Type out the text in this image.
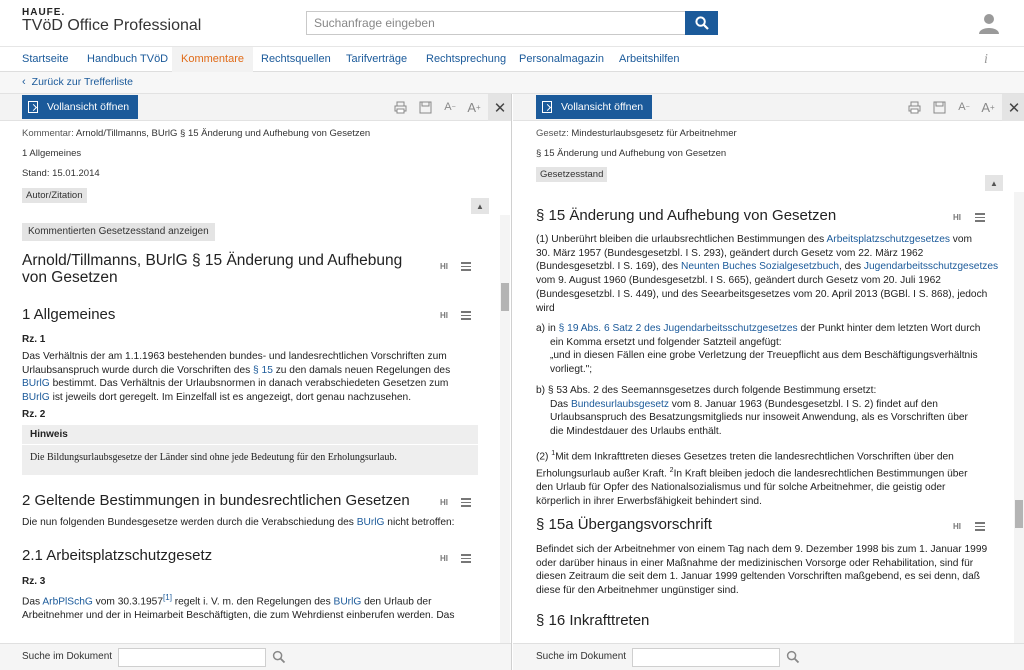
HAUFE.
TVöD Office Professional
Suchanfrage eingeben
Startseite	Handbuch TVöD	Kommentare	Rechtsquellen	Tarifverträge	Rechtsprechung	Personalmagazin	Arbeitshilfen	i
‹ Zurück zur Trefferliste
Vollansicht öffnen	A − A + ✕
Kommentar: Arnold/Tillmanns, BUrlG § 15 Änderung und Aufhebung von Gesetzen
1 Allgemeines
Stand: 15.01.2014
Autor/Zitation
▲
Kommentierten Gesetzesstand anzeigen
Arnold/Tillmanns, BUrlG § 15 Änderung und Aufhebung
von Gesetzen
HI
1 Allgemeines	HI
Rz. 1
Das Verhältnis der am 1.1.1963 bestehenden bundes- und landesrechtlichen Vorschriften zum
Urlaubsanspruch wurde durch die Vorschriften des § 15 zu den damals neuen Regelungen des
BUrlG bestimmt. Das Verhältnis der Urlaubsnormen in danach verabschiedeten Gesetzen zum
BUrlG ist jeweils dort geregelt. Im Einzelfall ist es angezeigt, dort genau nachzusehen.
Rz. 2
Hinweis
Die Bildungsurlaubsgesetze der Länder sind ohne jede Bedeutung für den Erholungsurlaub.
2 Geltende Bestimmungen in bundesrechtlichen Gesetzen	HI
Die nun folgenden Bundesgesetze werden durch die Verabschiedung des BUrlG nicht betroffen:
2.1 Arbeitsplatzschutzgesetz	HI
Rz. 3
Das ArbPlSchG vom 30.3.1957[1] regelt i. V. m. den Regelungen des BUrlG den Urlaub der
Arbeitnehmer und der in Heimarbeit Beschäftigten, die zum Wehrdienst einberufen werden. Das
Suche im Dokument
Vollansicht öffnen	A − A + ✕
Gesetz: Mindesturlaubsgesetz für Arbeitnehmer
§ 15 Änderung und Aufhebung von Gesetzen
Gesetzesstand
▲
§ 15 Änderung und Aufhebung von Gesetzen	HI
(1) Unberührt bleiben die urlaubsrechtlichen Bestimmungen des Arbeitsplatzschutzgesetzes vom
30. März 1957 (Bundesgesetzbl. I S. 293), geändert durch Gesetz vom 22. März 1962
(Bundesgesetzbl. I S. 169), des Neunten Buches Sozialgesetzbuch, des Jugendarbeitsschutzgesetzes
vom 9. August 1960 (Bundesgesetzbl. I S. 665), geändert durch Gesetz vom 20. Juli 1962
(Bundesgesetzbl. I S. 449), und des Seearbeitsgesetzes vom 20. April 2013 (BGBl. I S. 868), jedoch
wird
a) in § 19 Abs. 6 Satz 2 des Jugendarbeitsschutzgesetzes der Punkt hinter dem letzten Wort durch
ein Komma ersetzt und folgender Satzteil angefügt:
„und in diesen Fällen eine grobe Verletzung der Treuepflicht aus dem Beschäftigungsverhältnis
vorliegt.";
b) § 53 Abs. 2 des Seemannsgesetzes durch folgende Bestimmung ersetzt:
Das Bundesurlaubsgesetz vom 8. Januar 1963 (Bundesgesetzbl. I S. 2) findet auf den
Urlaubsanspruch des Besatzungsmitglieds nur insoweit Anwendung, als es Vorschriften über
die Mindestdauer des Urlaubs enthält.
(2) $^1$Mit dem Inkrafttreten dieses Gesetzes treten die landesrechtlichen Vorschriften über den
Erholungsurlaub außer Kraft. $^2$In Kraft bleiben jedoch die landesrechtlichen Bestimmungen über
den Urlaub für Opfer des Nationalsozialismus und für solche Arbeitnehmer, die geistig oder
körperlich in ihrer Erwerbsfähigkeit behindert sind.
§ 15a Übergangsvorschrift	HI
Befindet sich der Arbeitnehmer von einem Tag nach dem 9. Dezember 1998 bis zum 1. Januar 1999
oder darüber hinaus in einer Maßnahme der medizinischen Vorsorge oder Rehabilitation, sind für
diesen Zeitraum die seit dem 1. Januar 1999 geltenden Vorschriften maßgebend, es sei denn, daß
diese für den Arbeitnehmer ungünstiger sind.
§ 16 Inkrafttreten
Suche im Dokument
